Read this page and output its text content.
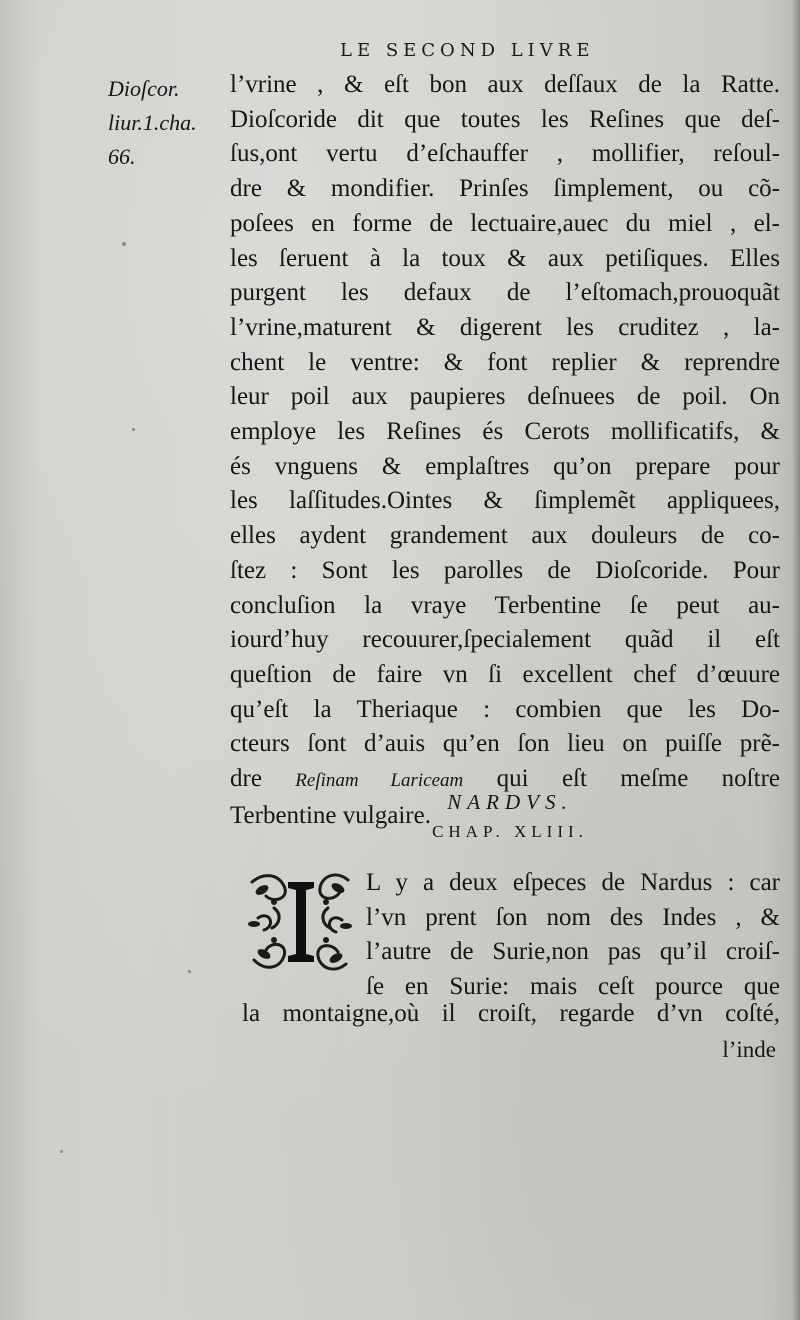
LE SECOND LIVRE
Dioſcor.
liur.1.cha.
66.
l’vrine , & eſt bon aux deſſaux de la Ratte.
Dioſcoride dit que toutes les Reſines que deſ-
ſus,ont vertu d’eſchauffer , mollifier, reſoul-
dre & mondifier. Prinſes ſimplement, ou cõ-
poſees en forme de lectuaire,auec du miel , el-
les ſeruent à la toux & aux petiſiques. Elles
purgent les defaux de l’eſtomach,prouoquãt
l’vrine,maturent & digerent les cruditez , la-
chent le ventre: & font replier & reprendre
leur poil aux paupieres deſnuees de poil. On
employe les Reſines és Cerots mollificatifs, &
és vnguens & emplaſtres qu’on prepare pour
les laſſitudes.Ointes & ſimplemẽt appliquees,
elles aydent grandement aux douleurs de co-
ſtez : Sont les parolles de Dioſcoride. Pour
concluſion la vraye Terbentine ſe peut au-
iourd’huy recouurer,ſpecialement quãd il eſt
queſtion de faire vn ſi excellent chef d’œuure
qu’eſt la Theriaque : combien que les Do-
cteurs ſont d’auis qu’en ſon lieu on puiſſe prẽ-
dre Reſinam Lariceam qui eſt meſme noſtre
Terbentine vulgaire. NARDVS.
CHAP. XLIII.
L y a deux eſpeces de Nardus : car
l’vn prent ſon nom des Indes , &
l’autre de Surie,non pas qu’il croiſ-
ſe en Surie: mais ceſt pource que
la montaigne,où il croiſt, regarde d’vn coſté,
l’inde
